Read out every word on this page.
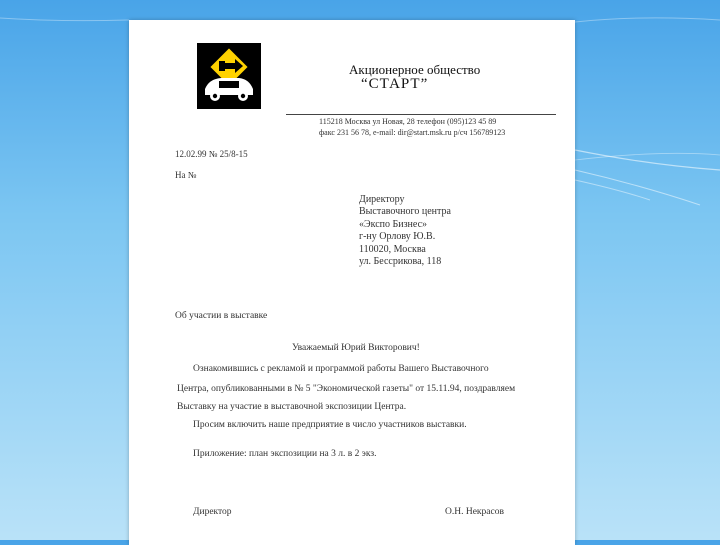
Акционерное общество
“СТАРТ”
115218 Москва ул Новая, 28 телефон (095)123 45 89
факс 231 56 78, e-mail: dir@start.msk.ru р/сч 156789123
12.02.99 № 25/8-15
На №
Директору
Выставочного центра
«Экспо Бизнес»
г-ну Орлову Ю.В.
110020, Москва
ул. Бессрикова, 118
Об участии в выставке
Уважаемый Юрий Викторович!
Ознакомившись с рекламой и программой работы Вашего Выставочного
Центра, опубликованными в № 5 "Экономической газеты" от 15.11.94, поздравляем
Выставку на участие в выставочной экспозиции Центра.
Просим включить наше предприятие в число участников выставки.
Приложение: план экспозиции на 3 л. в 2 экз.
Директор	О.Н. Некрасов
